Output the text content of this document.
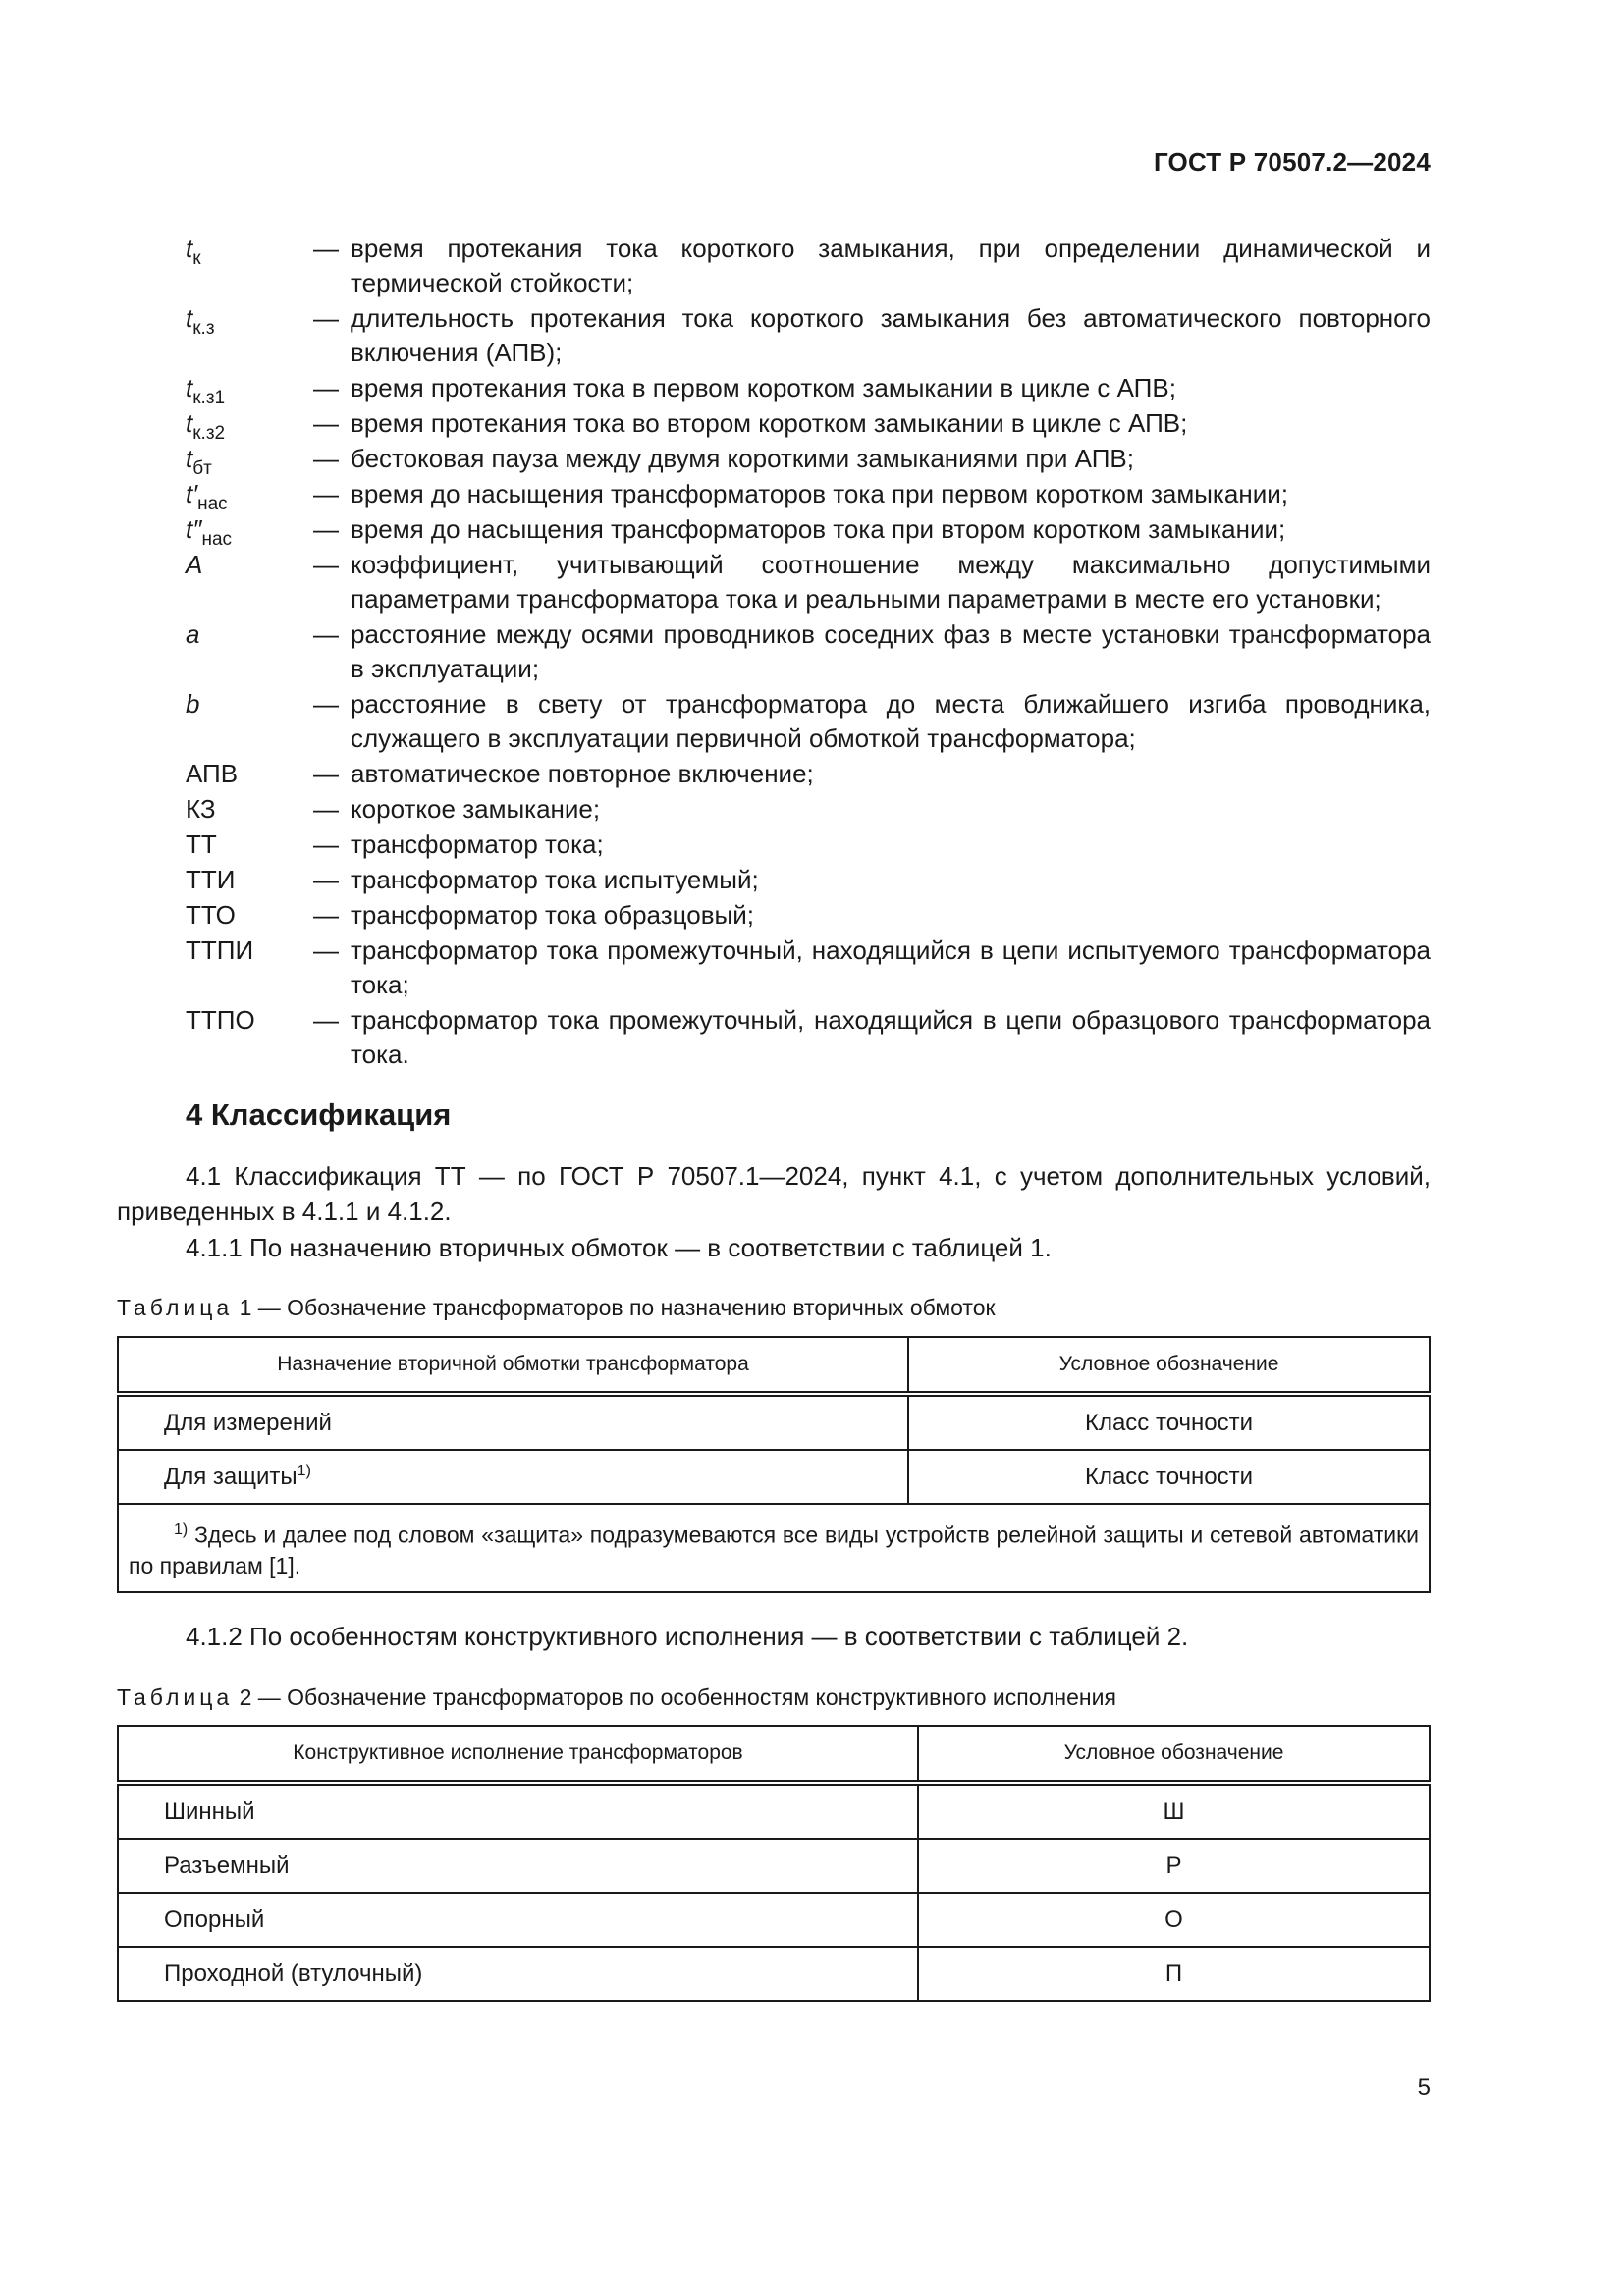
ГОСТ Р 70507.2—2024
$t_к$	— время протекания тока короткого замыкания, при определении динамической и термической стойкости;
$t_{к.з}$	— длительность протекания тока короткого замыкания без автоматического повторного включения (АПВ);
$t_{к.з1}$	— время протекания тока в первом коротком замыкании в цикле с АПВ;
$t_{к.з2}$	— время протекания тока во втором коротком замыкании в цикле с АПВ;
$t_{бт}$	— бестоковая пауза между двумя короткими замыканиями при АПВ;
$t'_{нас}$	— время до насыщения трансформаторов тока при первом коротком замыкании;
$t''_{нас}$	— время до насыщения трансформаторов тока при втором коротком замыкании;
A	— коэффициент, учитывающий соотношение между максимально допустимыми параметрами трансформатора тока и реальными параметрами в месте его установки;
a	— расстояние между осями проводников соседних фаз в месте установки трансформатора в эксплуатации;
b	— расстояние в свету от трансформатора до места ближайшего изгиба проводника, служащего в эксплуатации первичной обмоткой трансформатора;
АПВ	— автоматическое повторное включение;
КЗ	— короткое замыкание;
ТТ	— трансформатор тока;
ТТИ	— трансформатор тока испытуемый;
ТТО	— трансформатор тока образцовый;
ТТПИ	— трансформатор тока промежуточный, находящийся в цепи испытуемого трансформатора тока;
ТТПО	— трансформатор тока промежуточный, находящийся в цепи образцового трансформатора тока.
4 Классификация
4.1 Классификация ТТ — по ГОСТ Р 70507.1—2024, пункт 4.1, с учетом дополнительных условий, приведенных в 4.1.1 и 4.1.2.
4.1.1 По назначению вторичных обмоток — в соответствии с таблицей 1.
Таблица 1 — Обозначение трансформаторов по назначению вторичных обмоток
Назначение вторичной обмотки трансформатора	Условное обозначение
Для измерений	Класс точности
Для защиты$^{1)}$	Класс точности
$^{1)}$ Здесь и далее под словом «защита» подразумеваются все виды устройств релейной защиты и сетевой автоматики по правилам [1].	
4.1.2 По особенностям конструктивного исполнения — в соответствии с таблицей 2.
Таблица 2 — Обозначение трансформаторов по особенностям конструктивного исполнения
Конструктивное исполнение трансформаторов	Условное обозначение
Шинный	Ш
Разъемный	Р
Опорный	О
Проходной (втулочный)	П
5
